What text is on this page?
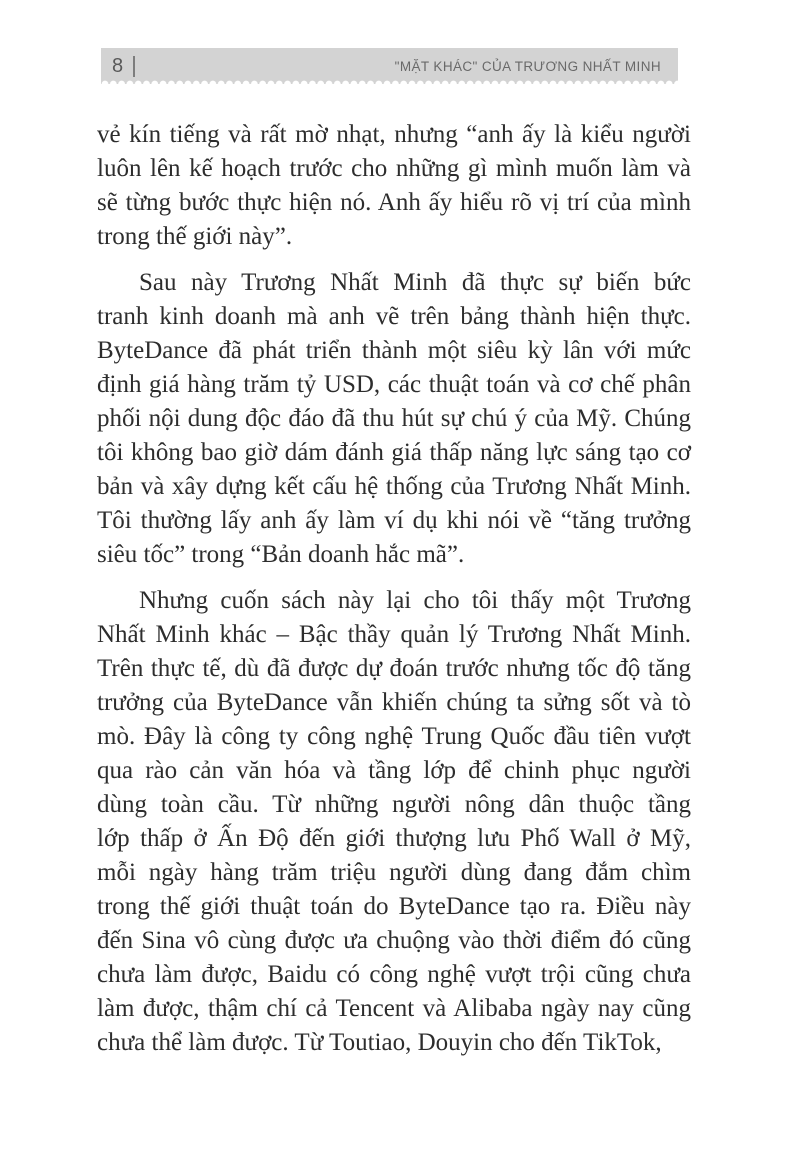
8	"MẶT KHÁC" CỦA TRƯƠNG NHẤT MINH
vẻ kín tiếng và rất mờ nhạt, nhưng “anh ấy là kiểu người
luôn lên kế hoạch trước cho những gì mình muốn làm và
sẽ từng bước thực hiện nó. Anh ấy hiểu rõ vị trí của mình
trong thế giới này”.
Sau này Trương Nhất Minh đã thực sự biến bức
tranh kinh doanh mà anh vẽ trên bảng thành hiện thực.
ByteDance đã phát triển thành một siêu kỳ lân với mức
định giá hàng trăm tỷ USD, các thuật toán và cơ chế phân
phối nội dung độc đáo đã thu hút sự chú ý của Mỹ. Chúng
tôi không bao giờ dám đánh giá thấp năng lực sáng tạo cơ
bản và xây dựng kết cấu hệ thống của Trương Nhất Minh.
Tôi thường lấy anh ấy làm ví dụ khi nói về “tăng trưởng
siêu tốc” trong “Bản doanh hắc mã”.
Nhưng cuốn sách này lại cho tôi thấy một Trương
Nhất Minh khác – Bậc thầy quản lý Trương Nhất Minh.
Trên thực tế, dù đã được dự đoán trước nhưng tốc độ tăng
trưởng của ByteDance vẫn khiến chúng ta sửng sốt và tò
mò. Đây là công ty công nghệ Trung Quốc đầu tiên vượt
qua rào cản văn hóa và tầng lớp để chinh phục người
dùng toàn cầu. Từ những người nông dân thuộc tầng
lớp thấp ở Ấn Độ đến giới thượng lưu Phố Wall ở Mỹ,
mỗi ngày hàng trăm triệu người dùng đang đắm chìm
trong thế giới thuật toán do ByteDance tạo ra. Điều này
đến Sina vô cùng được ưa chuộng vào thời điểm đó cũng
chưa làm được, Baidu có công nghệ vượt trội cũng chưa
làm được, thậm chí cả Tencent và Alibaba ngày nay cũng
chưa thể làm được. Từ Toutiao, Douyin cho đến TikTok,
